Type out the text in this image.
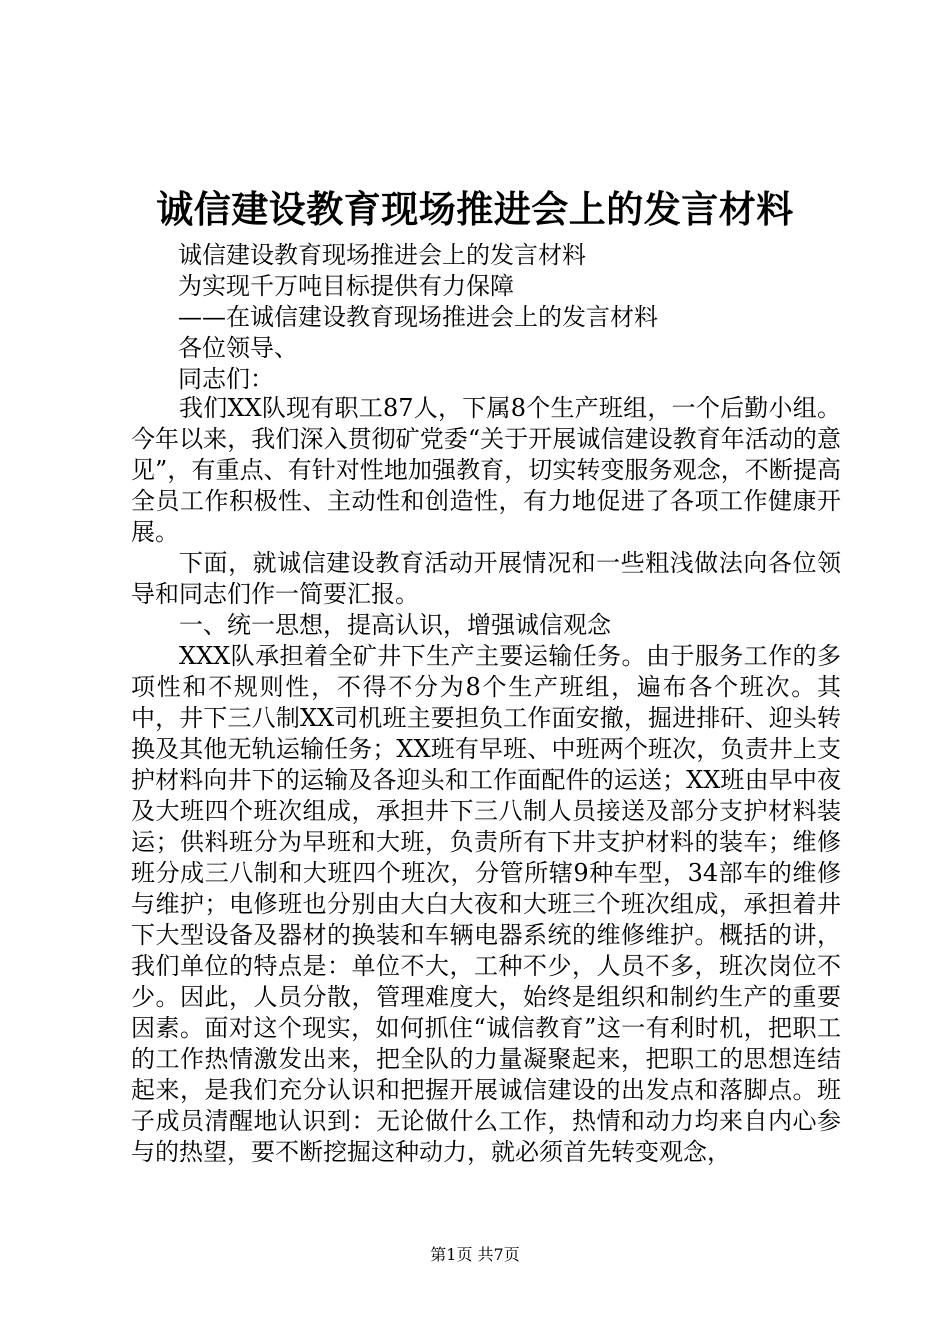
诚信建设教育现场推进会上的发言材料
诚信建设教育现场推进会上的发言材料
为实现千万吨目标提供有力保障
——在诚信建设教育现场推进会上的发言材料
各位领导、
同志们：

我们XX队现有职工87人，下属8个生产班组，一个后勤小组。今年以来，我们深入贯彻矿党委“关于开展诚信建设教育年活动的意见”，有重点、有针对性地加强教育，切实转变服务观念，不断提高全员工作积极性、主动性和创造性，有力地促进了各项工作健康开展。

下面，就诚信建设教育活动开展情况和一些粗浅做法向各位领导和同志们作一简要汇报。

一、统一思想，提高认识，增强诚信观念

XXX队承担着全矿井下生产主要运输任务。由于服务工作的多项性和不规则性，不得不分为8个生产班组，遍布各个班次。其中，井下三八制XX司机班主要担负工作面安撤，掘进排矸、迎头转换及其他无轨运输任务；XX班有早班、中班两个班次，负责井上支护材料向井下的运输及各迎头和工作面配件的运送；XX班由早中夜及大班四个班次组成，承担井下三八制人员接送及部分支护材料装运；供料班分为早班和大班，负责所有下井支护材料的装车；维修班分成三八制和大班四个班次，分管所辖9种车型，34部车的维修与维护；电修班也分别由大白大夜和大班三个班次组成，承担着井下大型设备及器材的换装和车辆电器系统的维修维护。概括的讲，我们单位的特点是：单位不大，工种不少，人员不多，班次岗位不少。因此，人员分散，管理难度大，始终是组织和制约生产的重要因素。面对这个现实，如何抓住“诚信教育”这一有利时机，把职工的工作热情激发出来，把全队的力量凝聚起来，把职工的思想连结起来，是我们充分认识和把握开展诚信建设的出发点和落脚点。班子成员清醒地认识到：无论做什么工作，热情和动力均来自内心参与的热望，要不断挖掘这种动力，就必须首先转变观念，

第1页 共7页
